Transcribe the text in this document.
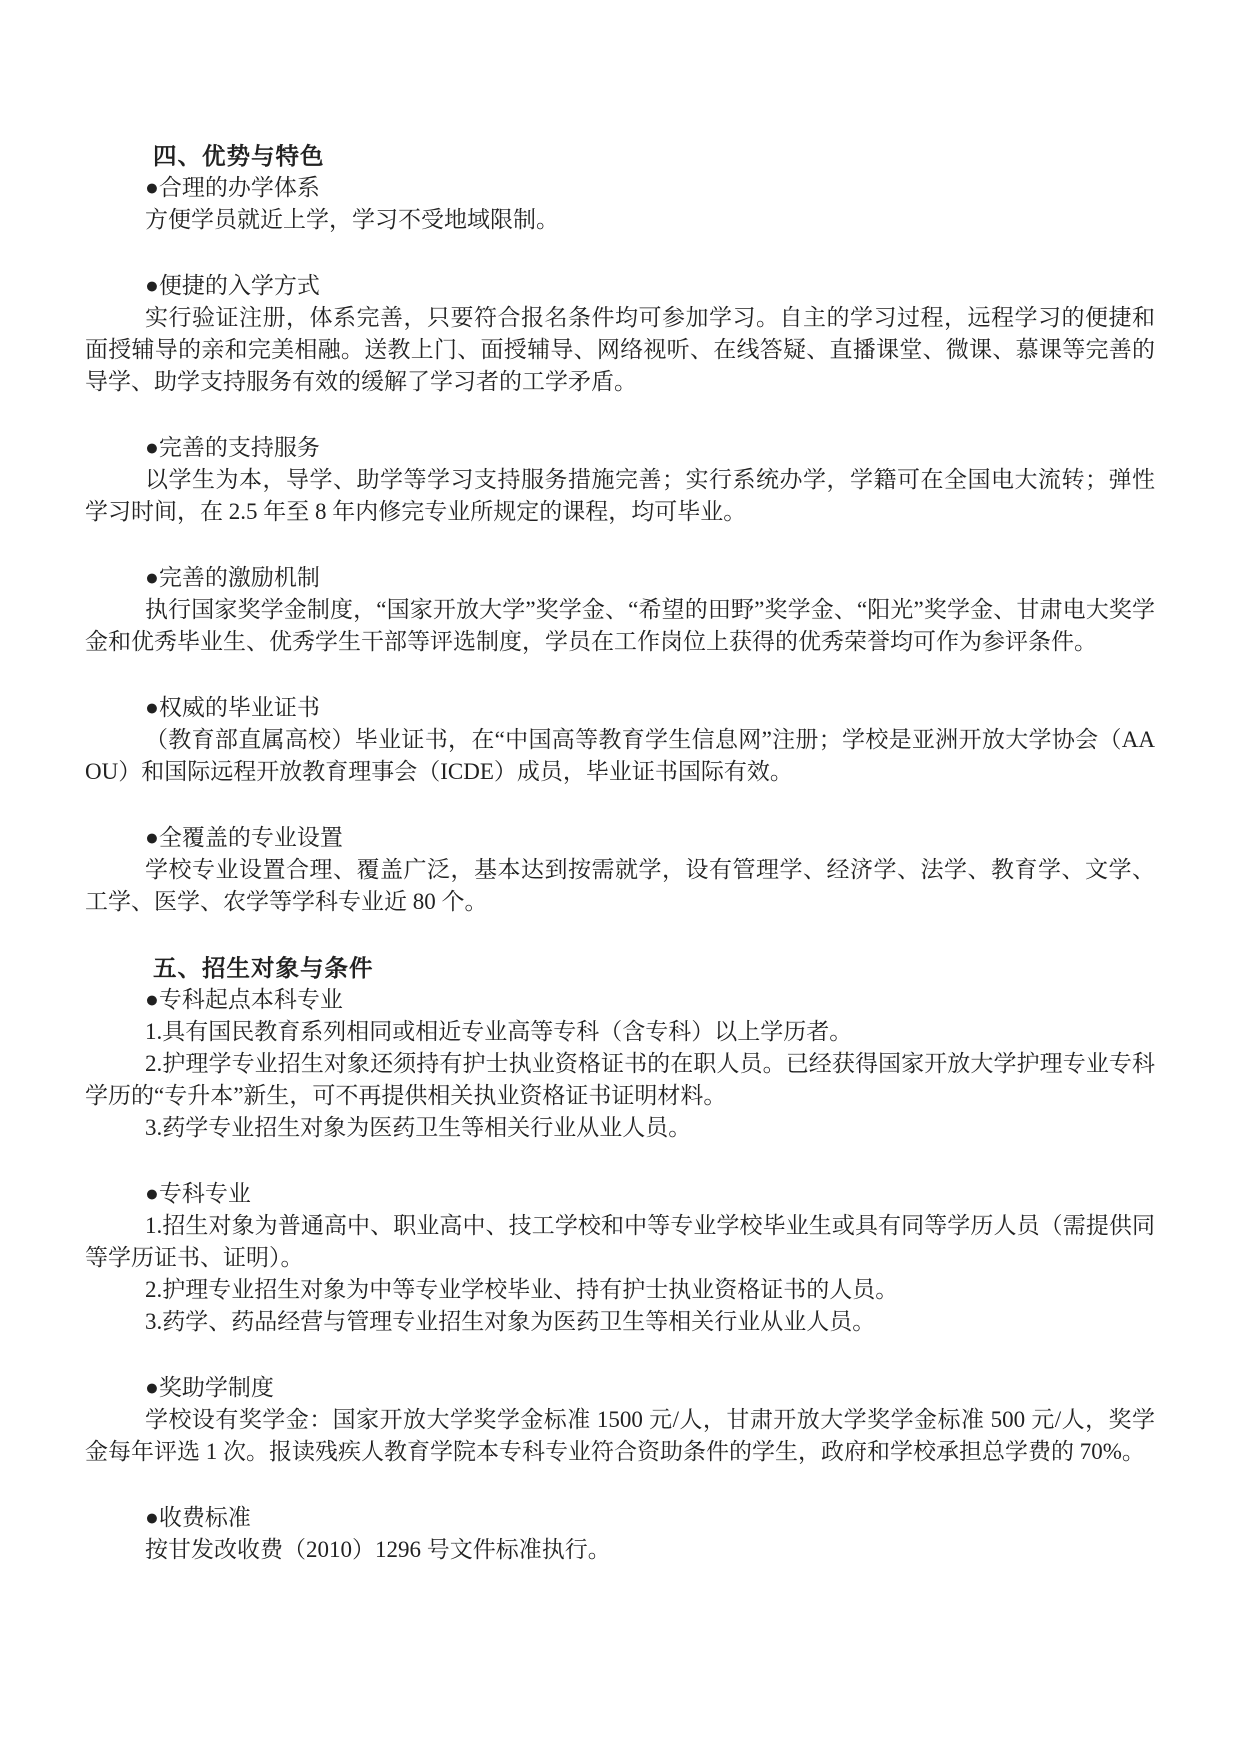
四、优势与特色

●合理的办学体系

方便学员就近上学，学习不受地域限制。

●便捷的入学方式

实行验证注册，体系完善，只要符合报名条件均可参加学习。自主的学习过程，远程学习的便捷和面授辅导的亲和完美相融。送教上门、面授辅导、网络视听、在线答疑、直播课堂、微课、慕课等完善的导学、助学支持服务有效的缓解了学习者的工学矛盾。

●完善的支持服务

以学生为本，导学、助学等学习支持服务措施完善；实行系统办学，学籍可在全国电大流转；弹性学习时间，在 2.5 年至 8 年内修完专业所规定的课程，均可毕业。

●完善的激励机制

执行国家奖学金制度，“国家开放大学”奖学金、“希望的田野”奖学金、“阳光”奖学金、甘肃电大奖学金和优秀毕业生、优秀学生干部等评选制度，学员在工作岗位上获得的优秀荣誉均可作为参评条件。

●权威的毕业证书

（教育部直属高校）毕业证书，在“中国高等教育学生信息网”注册；学校是亚洲开放大学协会（AAOU）和国际远程开放教育理事会（ICDE）成员，毕业证书国际有效。

●全覆盖的专业设置

学校专业设置合理、覆盖广泛，基本达到按需就学，设有管理学、经济学、法学、教育学、文学、工学、医学、农学等学科专业近 80 个。

五、招生对象与条件

●专科起点本科专业

1.具有国民教育系列相同或相近专业高等专科（含专科）以上学历者。

2.护理学专业招生对象还须持有护士执业资格证书的在职人员。已经获得国家开放大学护理专业专科学历的“专升本”新生，可不再提供相关执业资格证书证明材料。

3.药学专业招生对象为医药卫生等相关行业从业人员。

●专科专业

1.招生对象为普通高中、职业高中、技工学校和中等专业学校毕业生或具有同等学历人员（需提供同等学历证书、证明）。

2.护理专业招生对象为中等专业学校毕业、持有护士执业资格证书的人员。

3.药学、药品经营与管理专业招生对象为医药卫生等相关行业从业人员。

●奖助学制度

学校设有奖学金：国家开放大学奖学金标准 1500 元/人，甘肃开放大学奖学金标准 500 元/人，奖学金每年评选 1 次。报读残疾人教育学院本专科专业符合资助条件的学生，政府和学校承担总学费的 70%。

●收费标准

按甘发改收费（2010）1296 号文件标准执行。
